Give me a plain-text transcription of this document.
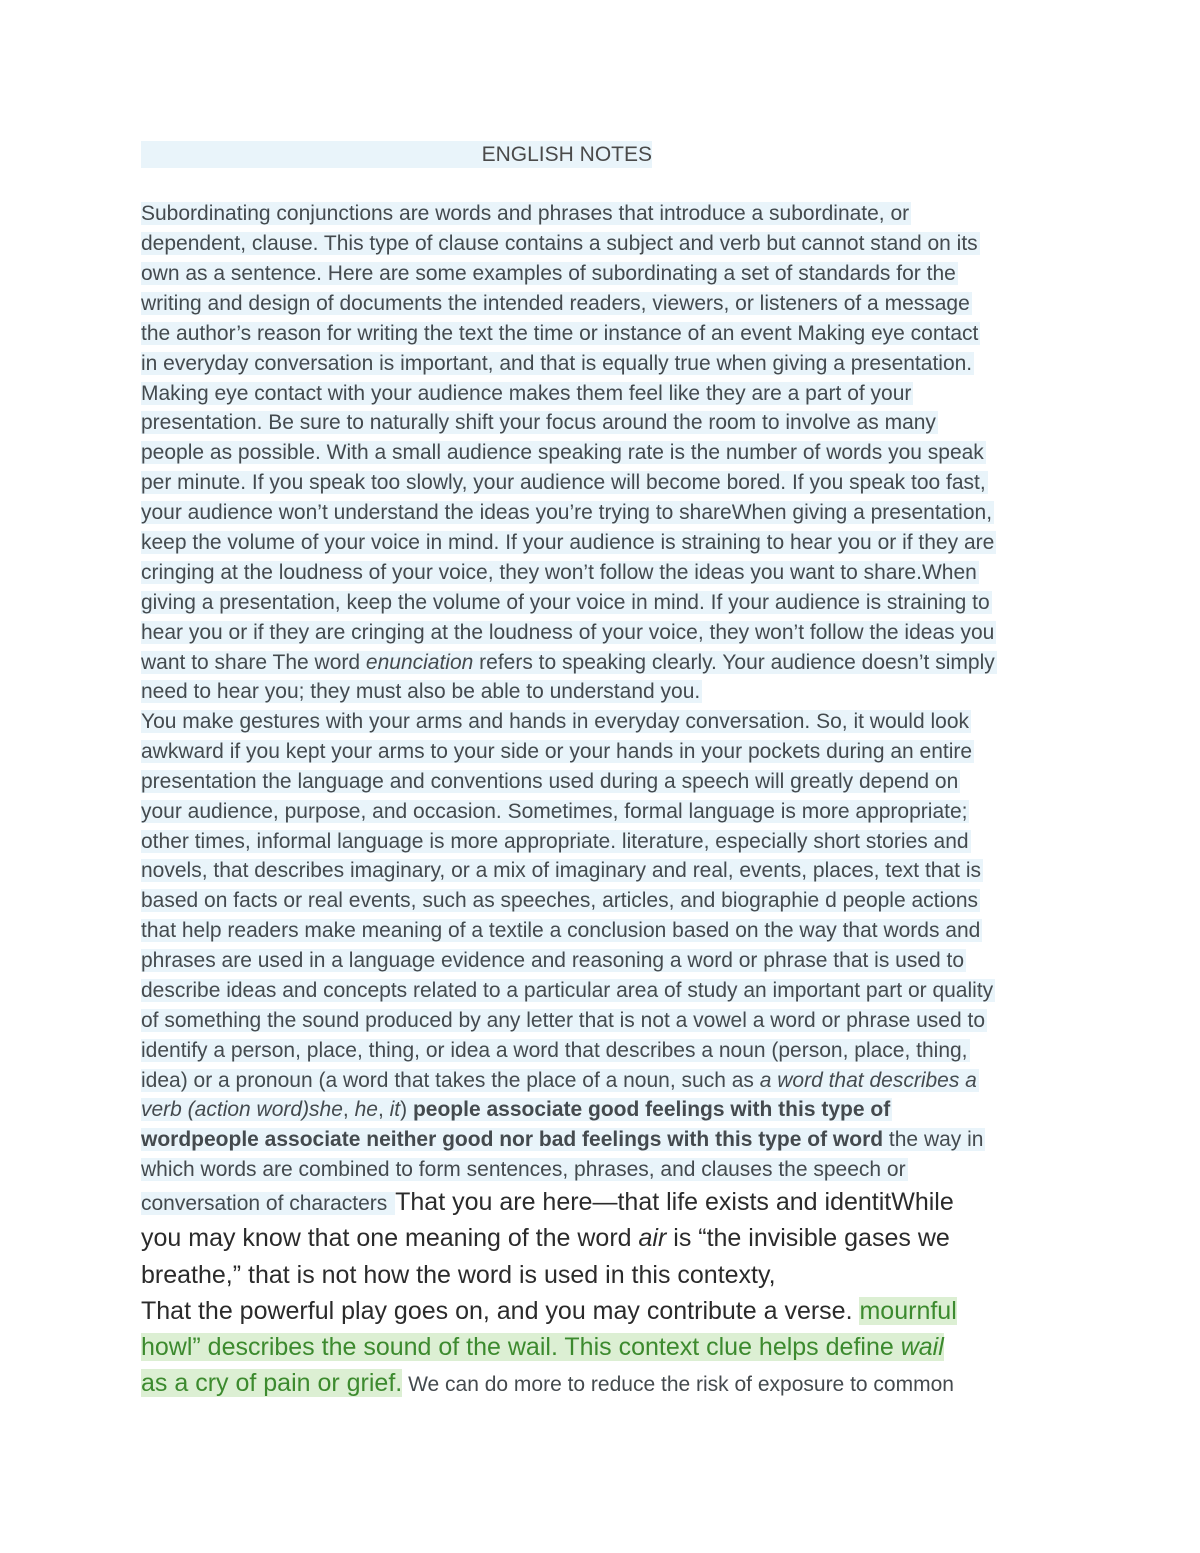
ENGLISH NOTES
Subordinating conjunctions are words and phrases that introduce a subordinate, or
dependent, clause. This type of clause contains a subject and verb but cannot stand on its
own as a sentence. Here are some examples of subordinating a set of standards for the
writing and design of documents the intended readers, viewers, or listeners of a message
the author’s reason for writing the text the time or instance of an event Making eye contact
in everyday conversation is important, and that is equally true when giving a presentation.
Making eye contact with your audience makes them feel like they are a part of your
presentation. Be sure to naturally shift your focus around the room to involve as many
people as possible. With a small audience speaking rate is the number of words you speak
per minute. If you speak too slowly, your audience will become bored. If you speak too fast,
your audience won’t understand the ideas you’re trying to shareWhen giving a presentation,
keep the volume of your voice in mind. If your audience is straining to hear you or if they are
cringing at the loudness of your voice, they won’t follow the ideas you want to share.When
giving a presentation, keep the volume of your voice in mind. If your audience is straining to
hear you or if they are cringing at the loudness of your voice, they won’t follow the ideas you
want to share The word enunciation refers to speaking clearly. Your audience doesn’t simply
need to hear you; they must also be able to understand you.
You make gestures with your arms and hands in everyday conversation. So, it would look
awkward if you kept your arms to your side or your hands in your pockets during an entire
presentation the language and conventions used during a speech will greatly depend on
your audience, purpose, and occasion. Sometimes, formal language is more appropriate;
other times, informal language is more appropriate. literature, especially short stories and
novels, that describes imaginary, or a mix of imaginary and real, events, places, text that is
based on facts or real events, such as speeches, articles, and biographie d people actions
that help readers make meaning of a textile a conclusion based on the way that words and
phrases are used in a language evidence and reasoning a word or phrase that is used to
describe ideas and concepts related to a particular area of study an important part or quality
of something the sound produced by any letter that is not a vowel a word or phrase used to
identify a person, place, thing, or idea a word that describes a noun (person, place, thing,
idea) or a pronoun (a word that takes the place of a noun, such as a word that describes a
verb (action word)she, he, it) people associate good feelings with this type of
wordpeople associate neither good nor bad feelings with this type of word the way in
which words are combined to form sentences, phrases, and clauses the speech or
conversation of characters That you are here—that life exists and identitWhile
you may know that one meaning of the word air is “the invisible gases we
breathe,” that is not how the word is used in this contexty,
That the powerful play goes on, and you may contribute a verse. mournful
howl” describes the sound of the wail. This context clue helps define wail
as a cry of pain or grief. We can do more to reduce the risk of exposure to common
